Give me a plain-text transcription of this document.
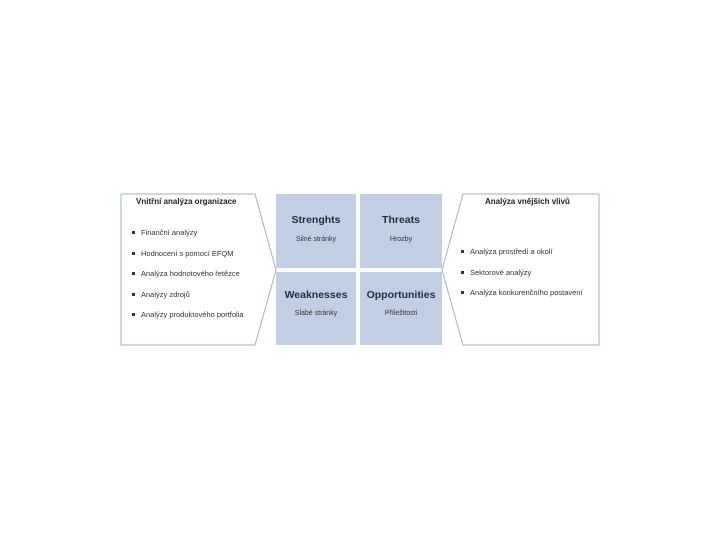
Vnitřní analýza organizace
Finanční analýzy
Hodnocení s pomocí EFQM
Analýza hodnotového řetězce
Analýzy zdrojů
Analýzy produktového portfolia
Strenghts
Silné stránky
Threats
Hrozby
Weaknesses
Slabé stránky
Opportunities
Příležitosti
Analýza vnějších vlivů
Analýza prostředí a okolí
Sektorové analýzy
Analýza konkurenčního postavení
